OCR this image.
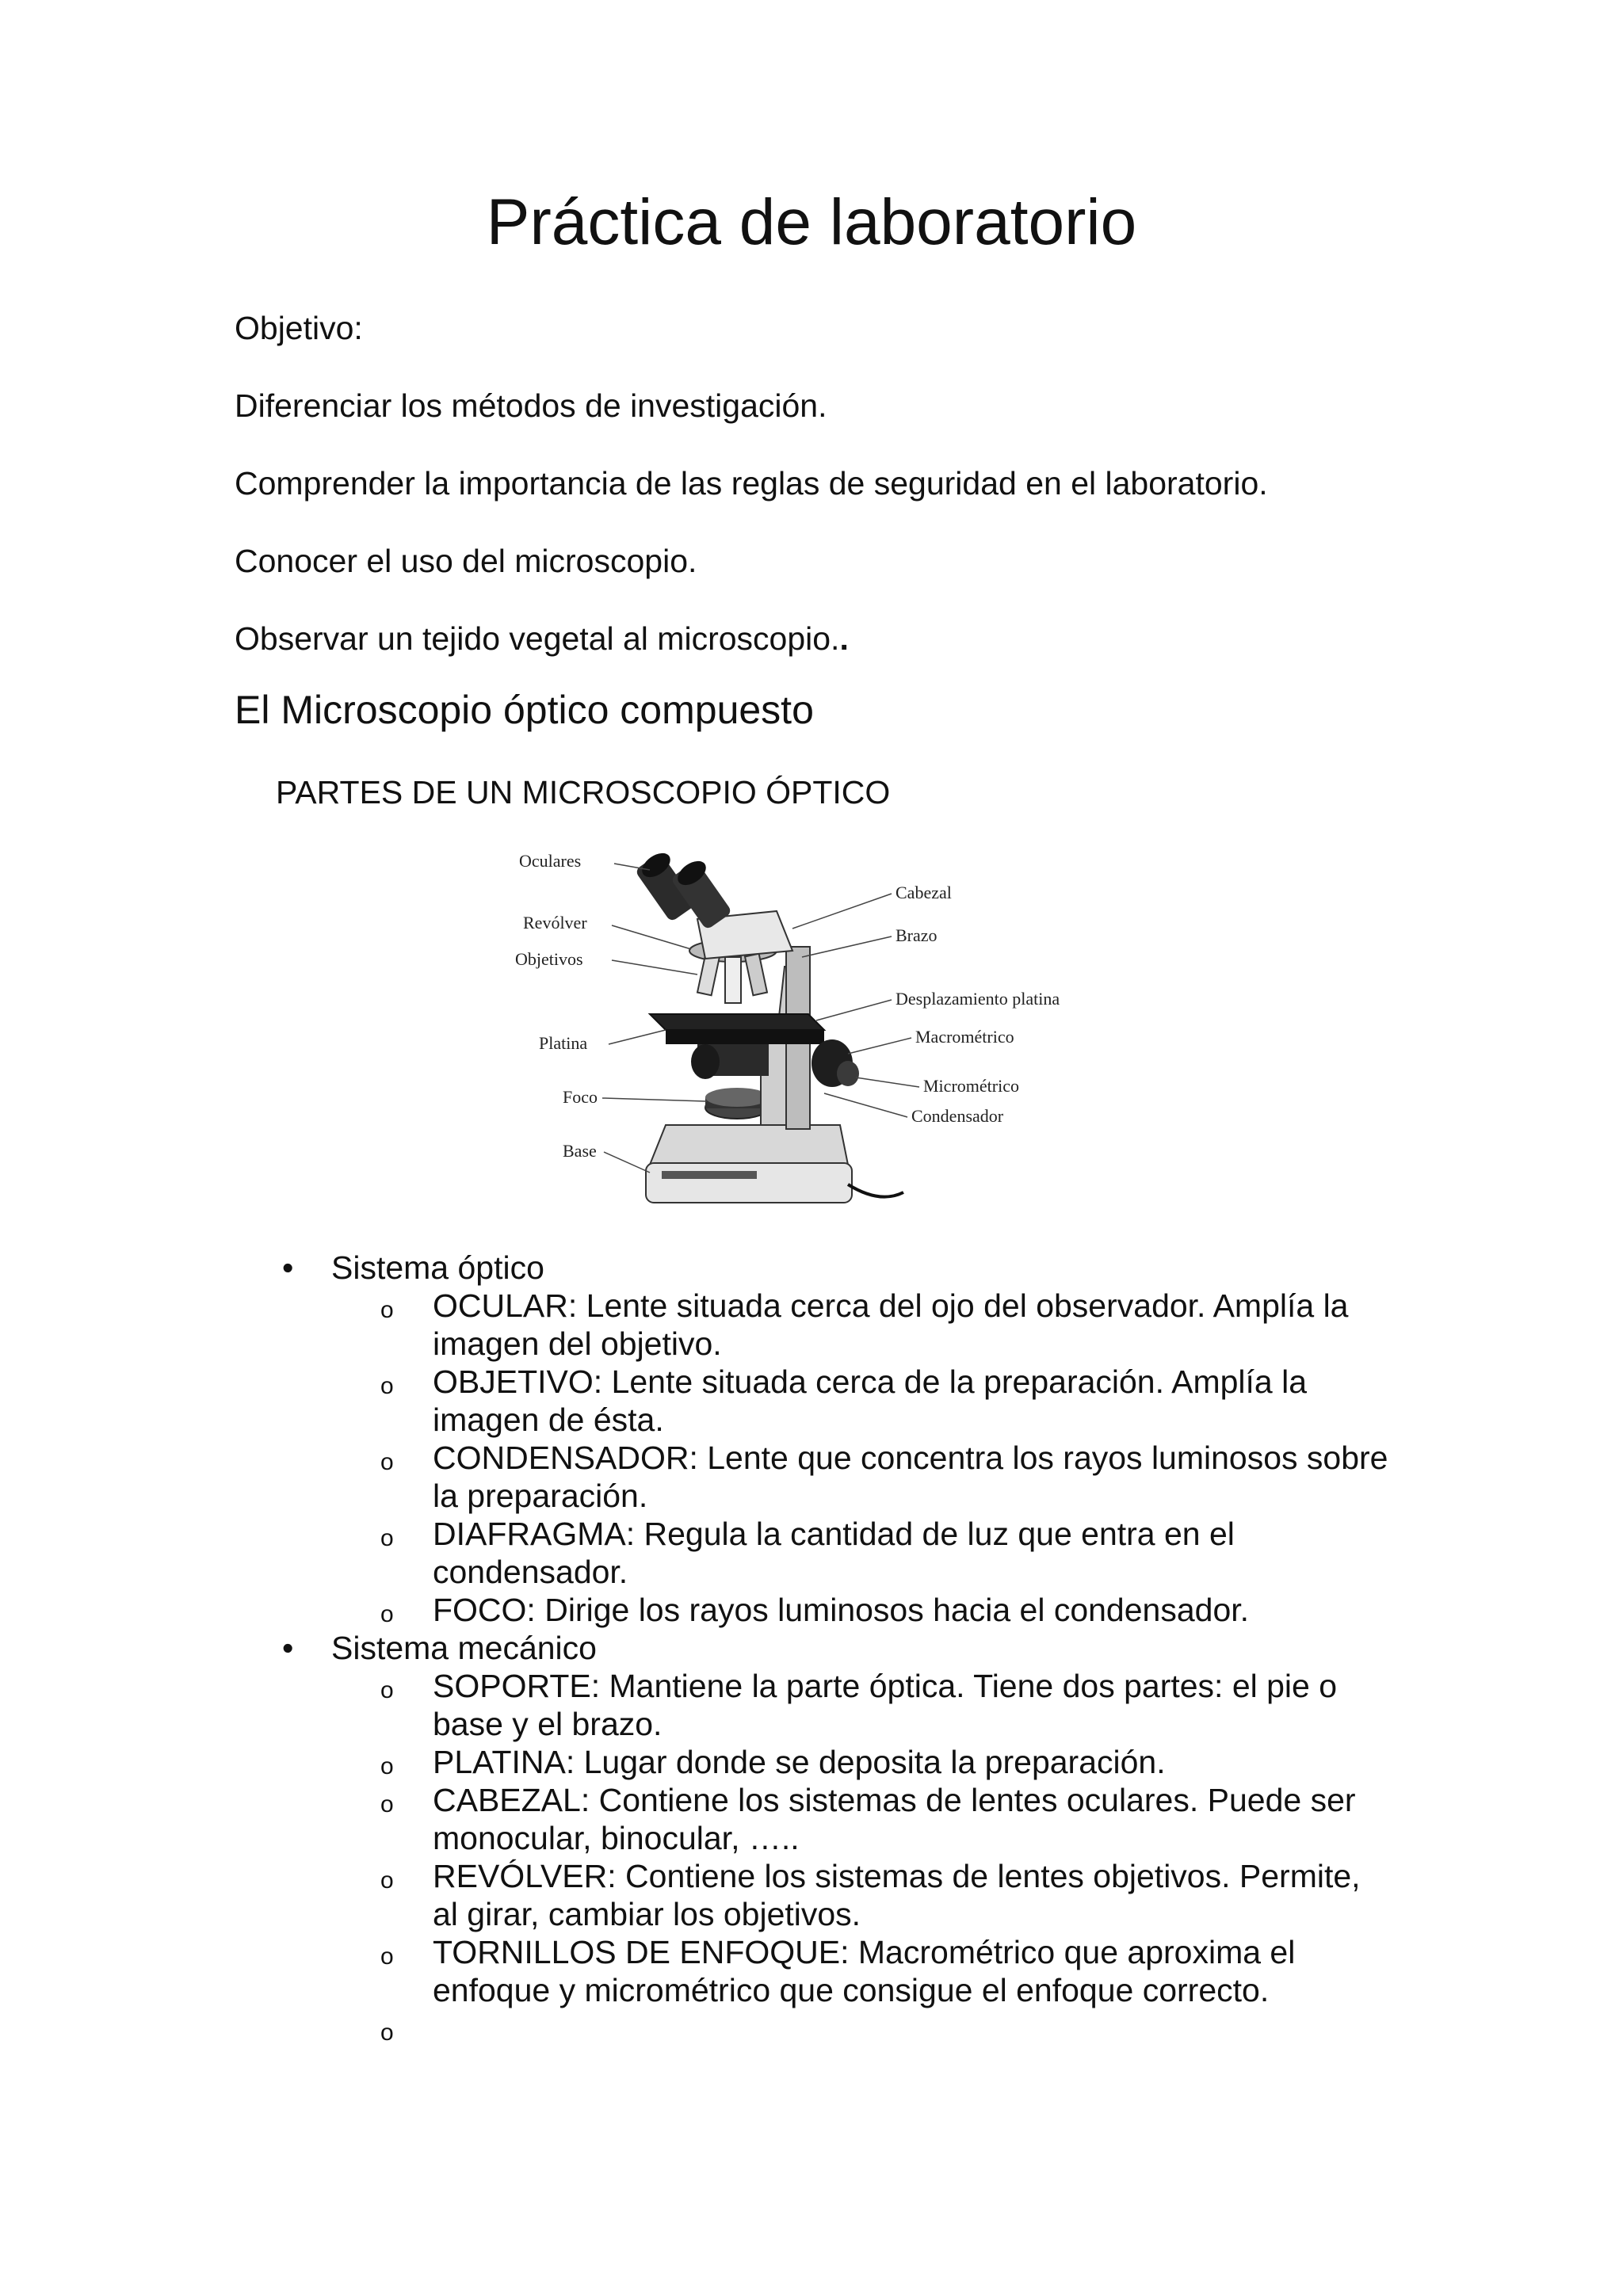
Práctica de laboratorio

Objetivo:

Diferenciar los métodos de investigación.

Comprender la importancia de las reglas de seguridad en el laboratorio.

Conocer el uso del microscopio.

Observar un tejido vegetal al microscopio..

El Microscopio óptico compuesto

PARTES DE UN MICROSCOPIO ÓPTICO

Oculares
Revólver
Objetivos
Platina
Foco
Base
Cabezal
Brazo
Desplazamiento platina
Macrométrico
Micrométrico
Condensador
•	Sistema óptico
o OCULAR: Lente situada cerca del ojo del observador. Amplía la
imagen del objetivo.
o OBJETIVO: Lente situada cerca de la preparación. Amplía la
imagen de ésta.
o CONDENSADOR: Lente que concentra los rayos luminosos sobre
la preparación.
o DIAFRAGMA: Regula la cantidad de luz que entra en el
condensador.
o FOCO: Dirige los rayos luminosos hacia el condensador.
•	Sistema mecánico
o SOPORTE: Mantiene la parte óptica. Tiene dos partes: el pie o
base y el brazo.
o PLATINA: Lugar donde se deposita la preparación.
o CABEZAL: Contiene los sistemas de lentes oculares. Puede ser
monocular, binocular, …..
o REVÓLVER: Contiene los sistemas de lentes objetivos. Permite,
al girar, cambiar los objetivos.
o TORNILLOS DE ENFOQUE: Macrométrico que aproxima el
enfoque y micrométrico que consigue el enfoque correcto.
o
